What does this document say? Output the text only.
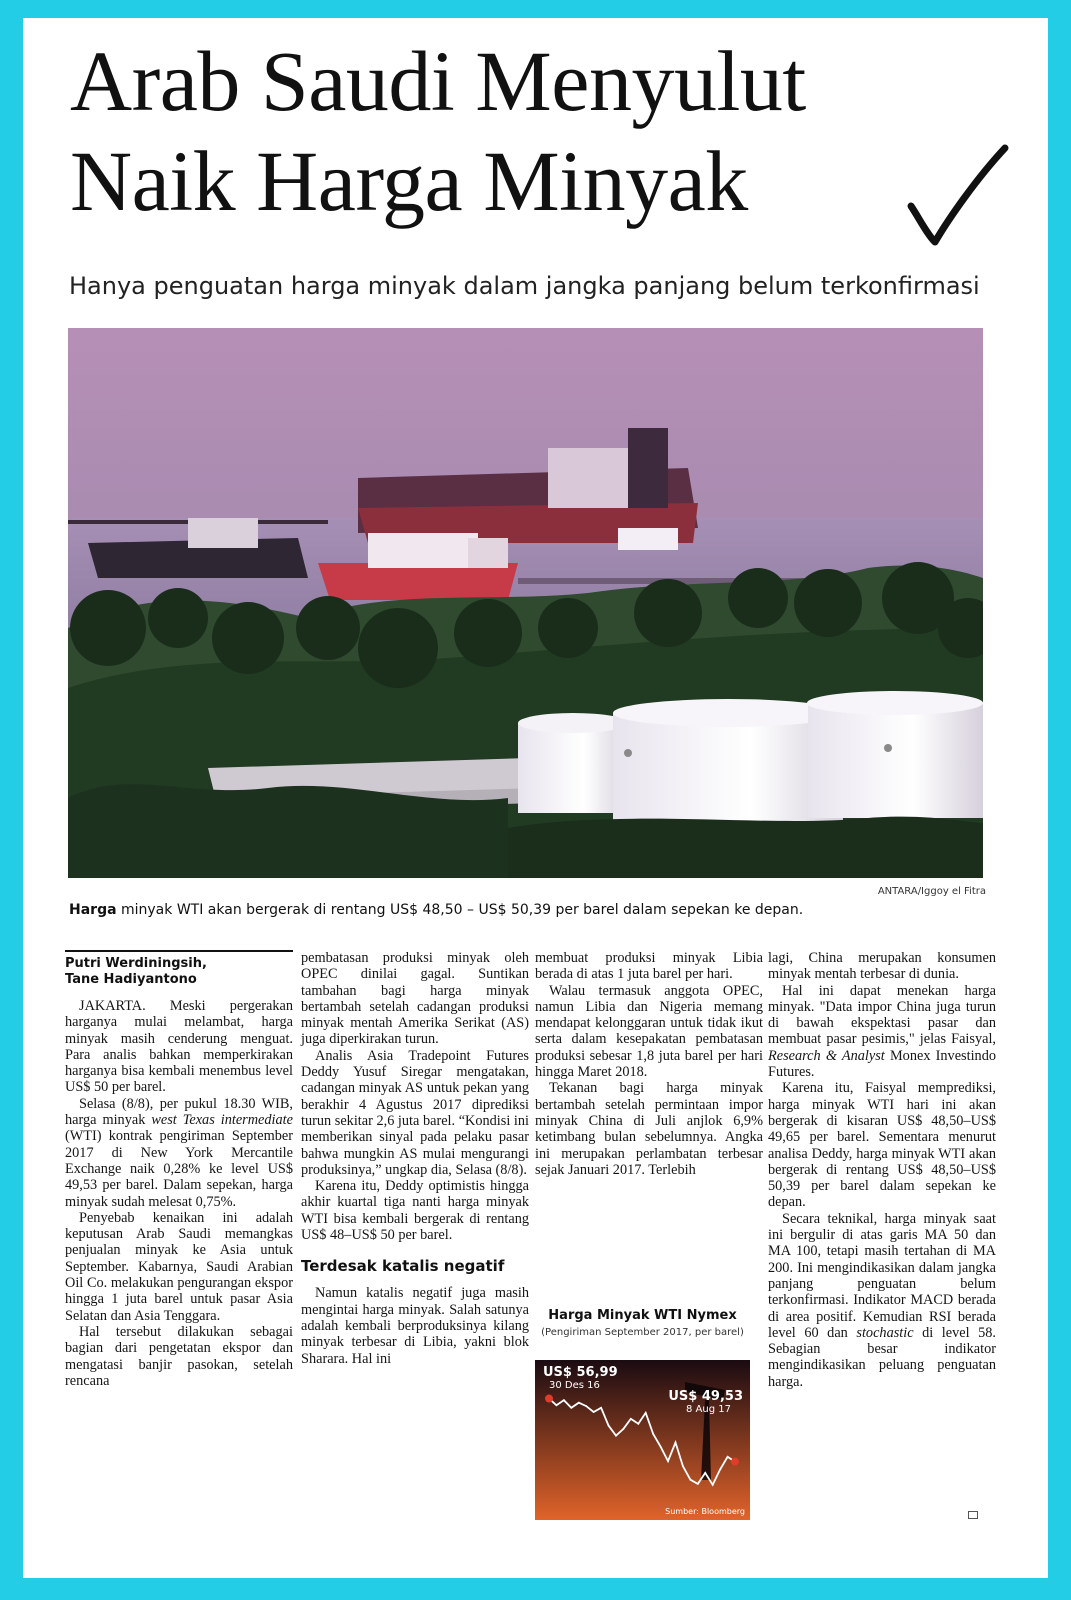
Arab Saudi Menyulut
Naik Harga Minyak
Hanya penguatan harga minyak dalam jangka panjang belum terkonfirmasi
ANTARA/Iggoy el Fitra
Harga minyak WTI akan bergerak di rentang US$ 48,50 – US$ 50,39 per barel dalam sepekan ke depan.
Putri Werdiningsih,
Tane Hadiyantono

JAKARTA. Meski pergerakan harganya mulai melambat, harga minyak masih cenderung menguat. Para analis bahkan memperkirakan harganya bisa kembali menembus level US$ 50 per barel.

Selasa (8/8), per pukul 18.30 WIB, harga minyak west Texas intermediate (WTI) kontrak pengiriman September 2017 di New York Mercantile Exchange naik 0,28% ke level US$ 49,53 per barel. Dalam sepekan, harga minyak sudah melesat 0,75%.

Penyebab kenaikan ini adalah keputusan Arab Saudi memangkas penjualan minyak ke Asia untuk September. Kabarnya, Saudi Arabian Oil Co. melakukan pengurangan ekspor hingga 1 juta barel untuk pasar Asia Selatan dan Asia Tenggara.

Hal tersebut dilakukan sebagai bagian dari pengetatan ekspor dan mengatasi banjir pasokan, setelah rencana

pembatasan produksi minyak oleh OPEC dinilai gagal. Suntikan tambahan bagi harga minyak bertambah setelah cadangan produksi minyak mentah Amerika Serikat (AS) juga diperkirakan turun.

Analis Asia Tradepoint Futures Deddy Yusuf Siregar mengatakan, cadangan minyak AS untuk pekan yang berakhir 4 Agustus 2017 diprediksi turun sekitar 2,6 juta barel. “Kondisi ini memberikan sinyal pada pelaku pasar bahwa mungkin AS mulai mengurangi produksinya,” ungkap dia, Selasa (8/8).

Karena itu, Deddy optimistis hingga akhir kuartal tiga nanti harga minyak WTI bisa kembali bergerak di rentang US$ 48–US$ 50 per barel.

Terdesak katalis negatif

Namun katalis negatif juga masih mengintai harga minyak. Salah satunya adalah kembali berproduksinya kilang minyak terbesar di Libia, yakni blok Sharara. Hal ini

membuat produksi minyak Libia berada di atas 1 juta barel per hari.

Walau termasuk anggota OPEC, namun Libia dan Nigeria memang mendapat kelonggaran untuk tidak ikut serta dalam kesepakatan pembatasan produksi sebesar 1,8 juta barel per hari hingga Maret 2018.

Tekanan bagi harga minyak bertambah setelah permintaan impor minyak China di Juli anjlok 6,9% ketimbang bulan sebelumnya. Angka ini merupakan perlambatan terbesar sejak Januari 2017. Terlebih

lagi, China merupakan konsumen minyak mentah terbesar di dunia.

Hal ini dapat menekan harga minyak. "Data impor China juga turun di bawah ekspektasi pasar dan membuat pasar pesimis," jelas Faisyal, Research & Analyst Monex Investindo Futures.

Karena itu, Faisyal memprediksi, harga minyak WTI hari ini akan bergerak di kisaran US$ 48,50–US$ 49,65 per barel. Sementara menurut analisa Deddy, harga minyak WTI akan bergerak di rentang US$ 48,50–US$ 50,39 per barel dalam sepekan ke depan.

Secara teknikal, harga minyak saat ini bergulir di atas garis MA 50 dan MA 100, tetapi masih tertahan di MA 200. Ini mengindikasikan dalam jangka panjang penguatan belum terkonfirmasi. Indikator MACD berada di area positif. Kemudian RSI berada level 60 dan stochastic di level 58. Sebagian besar indikator mengindikasikan peluang penguatan harga.

Harga Minyak WTI Nymex
(Pengiriman September 2017, per barel)
US$ 56,99
30 Des 16
US$ 49,53
8 Aug 17
Sumber: Bloomberg
